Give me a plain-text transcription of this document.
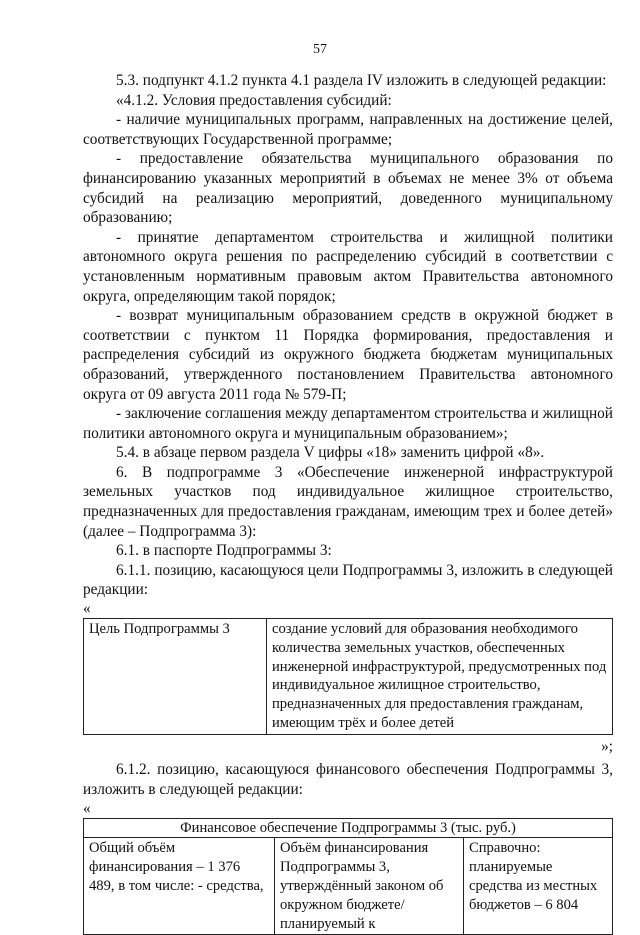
57

5.3. подпункт 4.1.2 пункта 4.1 раздела IV изложить в следующей редакции:

«4.1.2. Условия предоставления субсидий:

- наличие муниципальных программ, направленных на достижение целей, соответствующих Государственной программе;

- предоставление обязательства муниципального образования по финансированию указанных мероприятий в объемах не менее 3% от объема субсидий на реализацию мероприятий, доведенного муниципальному образованию;

- принятие департаментом строительства и жилищной политики автономного округа решения по распределению субсидий в соответствии с установленным нормативным правовым актом Правительства автономного округа, определяющим такой порядок;

- возврат муниципальным образованием средств в окружной бюджет в соответствии с пунктом 11 Порядка формирования, предоставления и распределения субсидий из окружного бюджета бюджетам муниципальных образований, утвержденного постановлением Правительства автономного округа от 09 августа 2011 года № 579-П;

- заключение соглашения между департаментом строительства и жилищной политики автономного округа и муниципальным образованием»;

5.4. в абзаце первом раздела V цифры «18» заменить цифрой «8».

6. В подпрограмме 3 «Обеспечение инженерной инфраструктурой земельных участков под индивидуальное жилищное строительство, предназначенных для предоставления гражданам, имеющим трех и более детей» (далее – Подпрограмма 3):

6.1. в паспорте Подпрограммы 3:

6.1.1. позицию, касающуюся цели Подпрограммы 3, изложить в следующей редакции:

«

Цель Подпрограммы 3	создание условий для образования необходимого количества земельных участков, обеспеченных инженерной инфраструктурой, предусмотренных под индивидуальное жилищное строительство, предназначенных для предоставления гражданам, имеющим трёх и более детей

»;

6.1.2. позицию, касающуюся финансового обеспечения Подпрограммы 3, изложить в следующей редакции:

«

Финансовое обеспечение Подпрограммы 3 (тыс. руб.)
Общий объём финансирования – 1 376 489, в том числе: - средства,	Объём финансирования Подпрограммы 3, утверждённый законом об окружном бюджете/ планируемый к	Справочно: планируемые средства из местных бюджетов – 6 804
